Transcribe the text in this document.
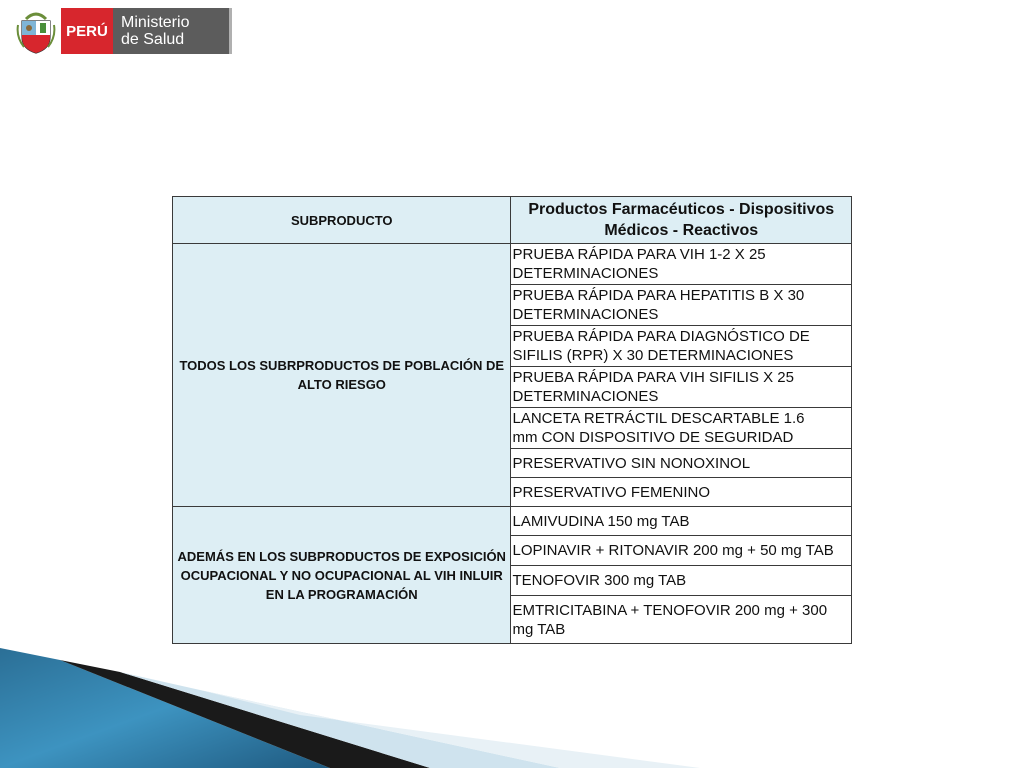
PERÚ Ministerio
de Salud
SUBPRODUCTO	Productos Farmacéuticos - Dispositivos Médicos - Reactivos
TODOS LOS SUBRPRODUCTOS DE POBLACIÓN DE ALTO RIESGO	PRUEBA RÁPIDA PARA VIH 1-2 X 25
DETERMINACIONES
	PRUEBA RÁPIDA PARA HEPATITIS B X 30
DETERMINACIONES
	PRUEBA RÁPIDA PARA DIAGNÓSTICO DE
SIFILIS (RPR) X 30 DETERMINACIONES
	PRUEBA RÁPIDA PARA VIH SIFILIS X 25
DETERMINACIONES
	LANCETA RETRÁCTIL DESCARTABLE 1.6
mm CON DISPOSITIVO DE SEGURIDAD
	PRESERVATIVO SIN NONOXINOL
	PRESERVATIVO FEMENINO
ADEMÁS EN LOS SUBPRODUCTOS DE EXPOSICIÓN OCUPACIONAL Y NO OCUPACIONAL AL VIH INLUIR EN LA PROGRAMACIÓN	LAMIVUDINA 150 mg TAB
	LOPINAVIR + RITONAVIR 200 mg + 50 mg TAB
	TENOFOVIR 300 mg TAB
	EMTRICITABINA + TENOFOVIR 200 mg + 300
mg TAB
